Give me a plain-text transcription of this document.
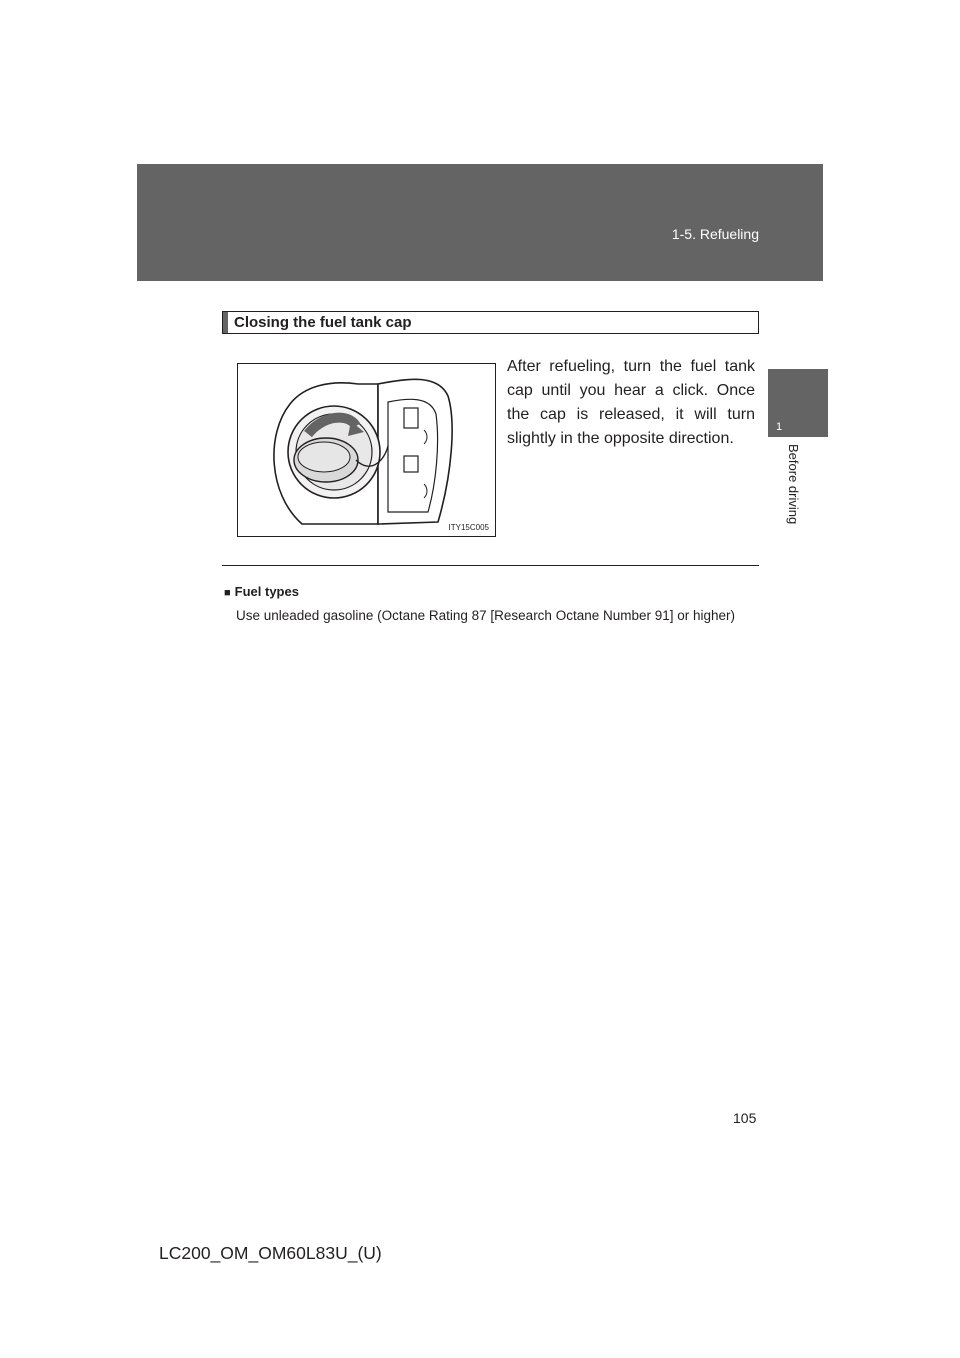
1-5. Refueling
1
Before driving
Closing the fuel tank cap
ITY15C005
After refueling, turn the fuel tank cap until you hear a click. Once the cap is released, it will turn slightly in the opposite direction.
■ Fuel types
Use unleaded gasoline (Octane Rating 87 [Research Octane Number 91] or higher)
105
LC200_OM_OM60L83U_(U)
